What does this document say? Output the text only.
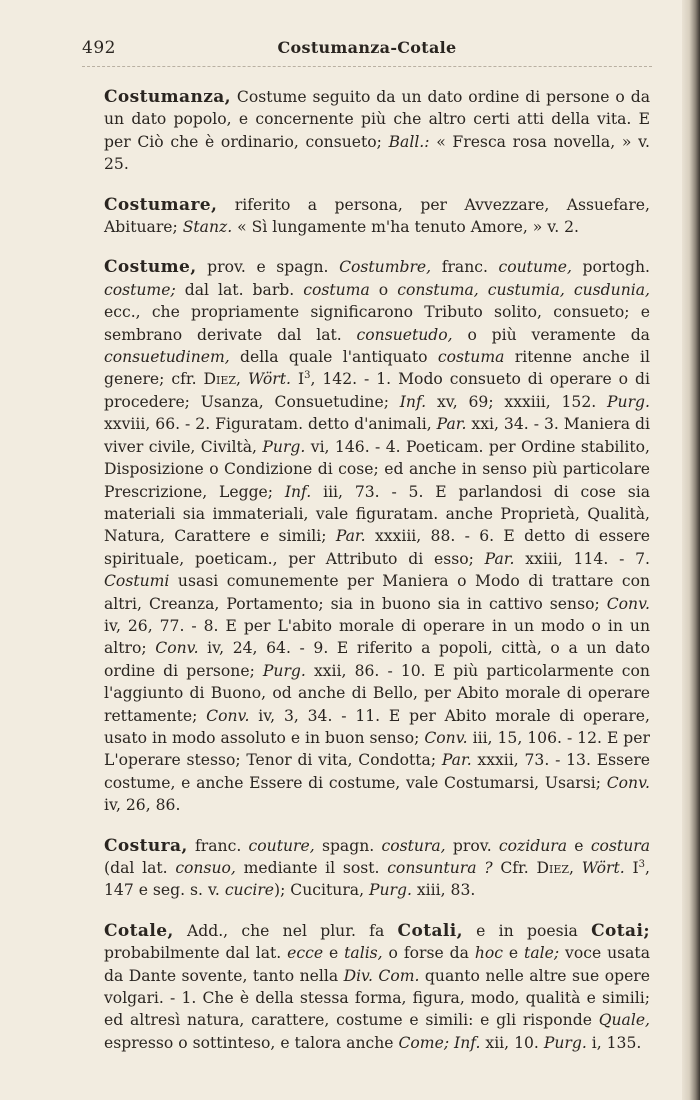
492	Costumanza-Cotale

Costumanza, Costume seguito da un dato ordine di persone o da un dato popolo, e concernente più che altro certi atti della vita. E per Ciò che è ordinario, consueto; Ball.: « Fresca rosa novella, » v. 25.

Costumare, riferito a persona, per Avvezzare, Assuefare, Abituare; Stanz. « Sì lungamente m'ha tenuto Amore, » v. 2.

Costume, prov. e spagn. Costumbre, franc. coutume, portogh. costume; dal lat. barb. costuma o constuma, custumia, cusdunia, ecc., che propriamente significarono Tributo solito, consueto; e sembrano derivate dal lat. consuetudo, o più veramente da consuetudinem, della quale l'antiquato costuma ritenne anche il genere; cfr. Diez, Wört. $I^3$, 142. - 1. Modo consueto di operare o di procedere; Usanza, Consuetudine; Inf. xv, 69; xxxiii, 152. Purg. xxviii, 66. - 2. Figuratam. detto d'animali, Par. xxi, 34. - 3. Maniera di viver civile, Civiltà, Purg. vi, 146. - 4. Poeticam. per Ordine stabilito, Disposizione o Condizione di cose; ed anche in senso più particolare Prescrizione, Legge; Inf. iii, 73. - 5. E parlandosi di cose sia materiali sia immateriali, vale figuratam. anche Proprietà, Qualità, Natura, Carattere e simili; Par. xxxiii, 88. - 6. E detto di essere spirituale, poeticam., per Attributo di esso; Par. xxiii, 114. - 7. Costumi usasi comunemente per Maniera o Modo di trattare con altri, Creanza, Portamento; sia in buono sia in cattivo senso; Conv. iv, 26, 77. - 8. E per L'abito morale di operare in un modo o in un altro; Conv. iv, 24, 64. - 9. E riferito a popoli, città, o a un dato ordine di persone; Purg. xxii, 86. - 10. E più particolarmente con l'aggiunto di Buono, od anche di Bello, per Abito morale di operare rettamente; Conv. iv, 3, 34. - 11. E per Abito morale di operare, usato in modo assoluto e in buon senso; Conv. iii, 15, 106. - 12. E per L'operare stesso; Tenor di vita, Condotta; Par. xxxii, 73. - 13. Essere costume, e anche Essere di costume, vale Costumarsi, Usarsi; Conv. iv, 26, 86.

Costura, franc. couture, spagn. costura, prov. cozidura e costura (dal lat. consuo, mediante il sost. consuntura ? Cfr. Diez, Wört. $I^3$, 147 e seg. s. v. cucire); Cucitura, Purg. xiii, 83.

Cotale, Add., che nel plur. fa Cotali, e in poesia Cotai; probabilmente dal lat. ecce e talis, o forse da hoc e tale; voce usata da Dante sovente, tanto nella Div. Com. quanto nelle altre sue opere volgari. - 1. Che è della stessa forma, figura, modo, qualità e simili; ed altresì natura, carattere, costume e simili: e gli risponde Quale, espresso o sottinteso, e talora anche Come; Inf. xii, 10. Purg. i, 135.
